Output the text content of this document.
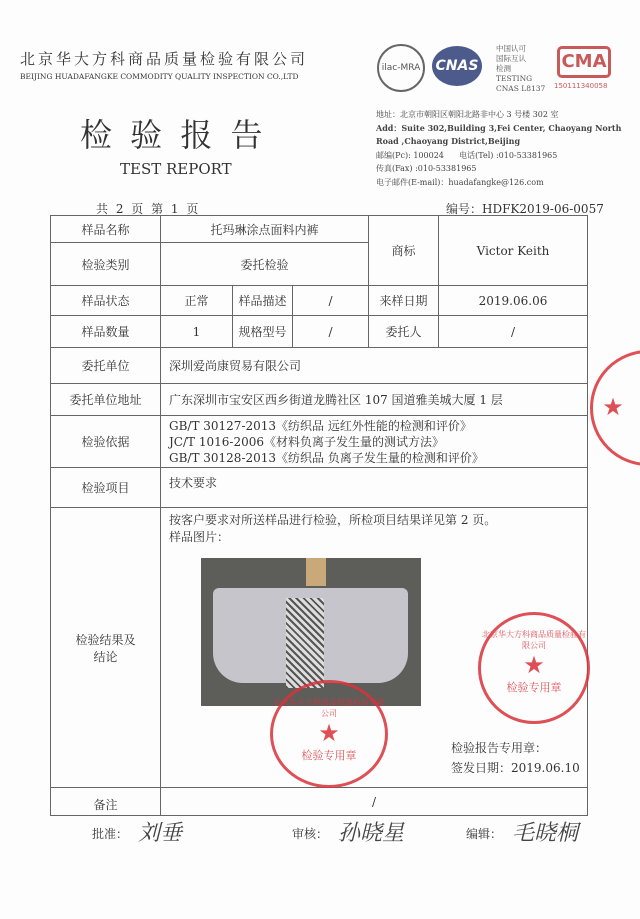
北京华大方科商品质量检验有限公司
BEIJING HUADAFANGKE COMMODITY QUALITY INSPECTION CO.,LTD
检 验 报 告
TEST REPORT
ilac-MRA	CNAS
中国认可
国际互认
检测
TESTING
CNAS L8137
CMA
150111340058
地址：北京市朝阳区朝阳北路非中心 3 号楼 302 室
Add：Suite 302,Building 3,Fei Center, Chaoyang North
Road ,Chaoyang District,Beijing
邮编(Pc): 100024 电话(Tel) :010-53381965
传真(Fax) :010-53381965
电子邮件(E-mail)：huadafangke@126.com
共 2 页 第 1 页	编号：HDFK2019-06-0057
样品名称	托玛琳涂点面料内裤			商标	Victor Keith
检验类别	委托检验				
样品状态	正常	样品描述	/	来样日期	2019.06.06
样品数量	1	规格型号	/	委托人	/
委托单位	深圳爱尚康贸易有限公司				
委托单位地址	广东深圳市宝安区西乡街道龙腾社区 107 国道雅美城大厦 1 层				
检验依据	GB/T 30127-2013《纺织品 远红外性能的检测和评价》
JC/T 1016-2006《材料负离子发生量的测试方法》
GB/T 30128-2013《纺织品 负离子发生量的检测和评价》				

检验项目	技术要求				
检验结果及结论	按客户要求对所送样品进行检验，所检项目结果详见第 2 页。
样品图片：
检验报告专用章：
签发日期：2019.06.10				

备注	/				
北京华大方科商品质量检验有限公司
★
检验专用章
北京华大方科商品质量检验有限公司
★
检验专用章
★
批准： 刘垂	审核： 孙晓星	编辑： 毛晓桐
